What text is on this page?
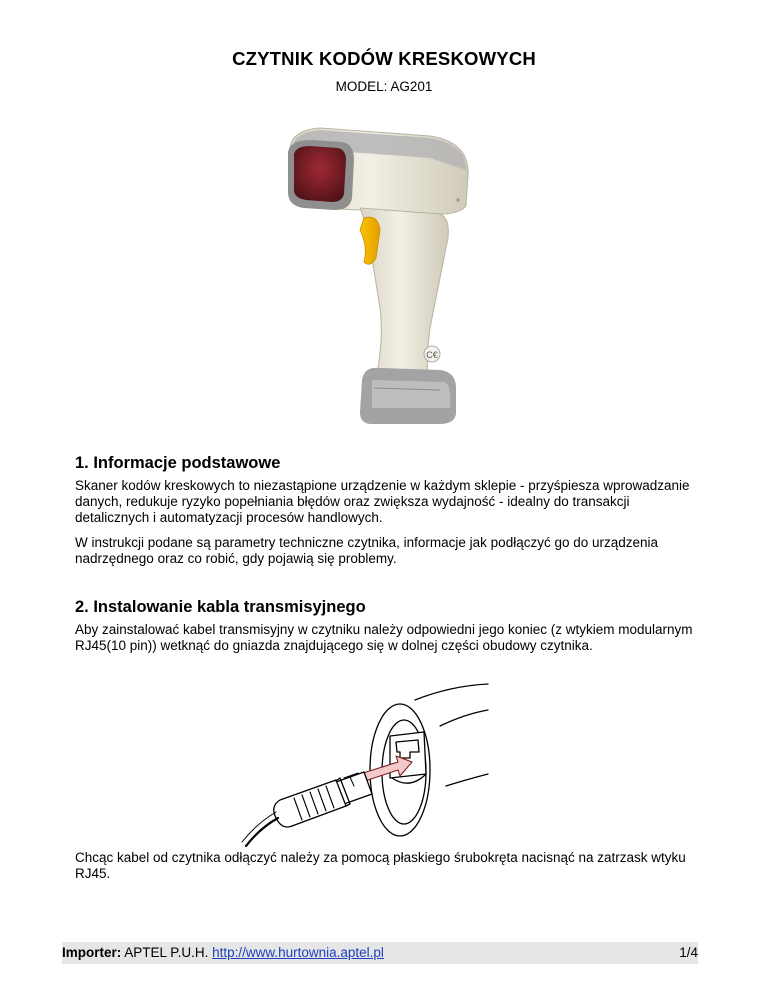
CZYTNIK KODÓW KRESKOWYCH
MODEL: AG201
C€
1. Informacje podstawowe
Skaner kodów kreskowych to niezastąpione urządzenie w każdym sklepie - przyśpiesza wprowadzanie danych, redukuje ryzyko popełniania błędów oraz zwiększa wydajność - idealny do transakcji detalicznych i automatyzacji procesów handlowych.
W instrukcji podane są parametry techniczne czytnika, informacje jak podłączyć go do urządzenia nadrzędnego oraz co robić, gdy pojawią się problemy.
2. Instalowanie kabla transmisyjnego
Aby zainstalować kabel transmisyjny w czytniku należy odpowiedni jego koniec (z wtykiem modularnym RJ45(10 pin)) wetknąć do gniazda znajdującego się w dolnej części obudowy czytnika.
Chcąc kabel od czytnika odłączyć należy za pomocą płaskiego śrubokręta nacisnąć na zatrzask wtyku RJ45.
Importer: APTEL P.U.H. http://www.hurtownia.aptel.pl	1/4
